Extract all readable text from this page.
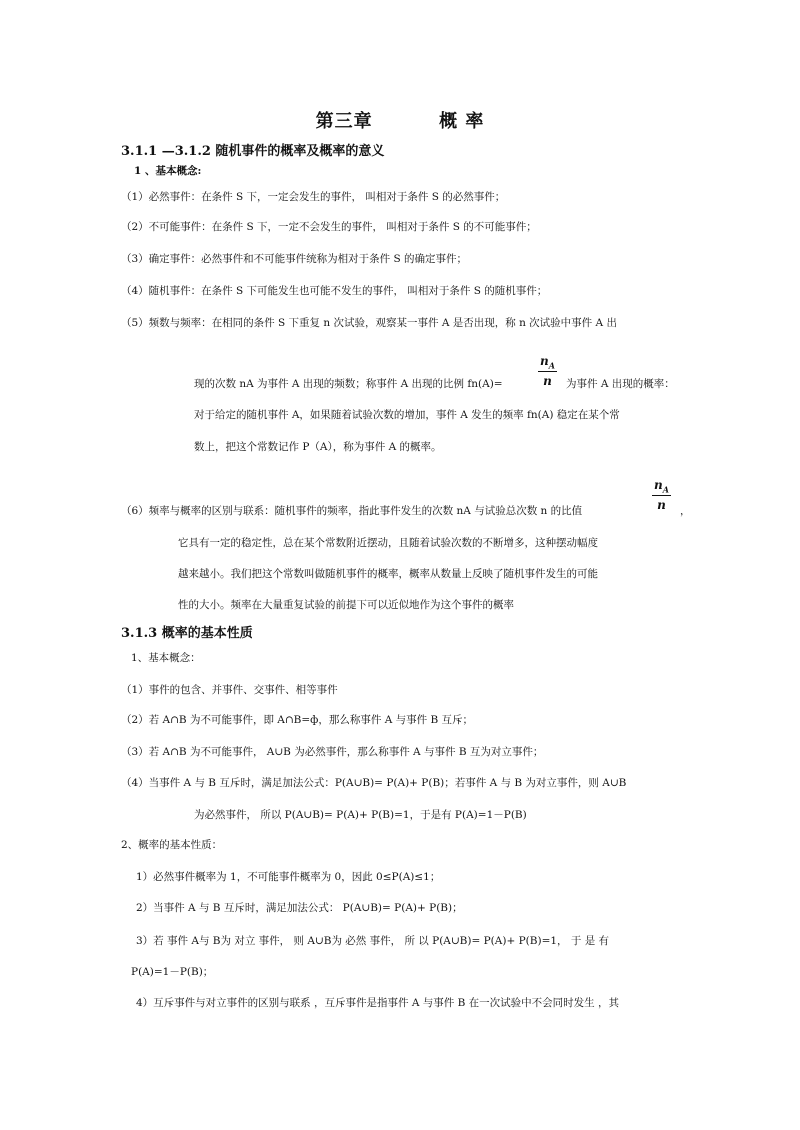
第三章	概 率
3.1.1 —3.1.2 随机事件的概率及概率的意义
1 、基本概念:
（1）必然事件：在条件 S 下，一定会发生的事件， 叫相对于条件 S 的必然事件；
（2）不可能事件：在条件 S 下，一定不会发生的事件， 叫相对于条件 S 的不可能事件；
（3）确定事件：必然事件和不可能事件统称为相对于条件 S 的确定事件；
（4）随机事件：在条件 S 下可能发生也可能不发生的事件， 叫相对于条件 S 的随机事件；
（5）频数与频率：在相同的条件 S 下重复 n 次试验，观察某一事件 A 是否出现，称 n 次试验中事件 A 出
现的次数 nA 为事件 A 出现的频数；称事件 A 出现的比例 fn(A)=	$\frac{n_A}{n}$ 为事件 A 出现的概率：
对于给定的随机事件 A，如果随着试验次数的增加，事件 A 发生的频率 fn(A) 稳定在某个常
数上，把这个常数记作 P（A），称为事件 A 的概率。
（6）频率与概率的区别与联系：随机事件的频率，指此事件发生的次数 nA 与试验总次数 n 的比值	$\frac{n_A}{n}$ ，
它具有一定的稳定性，总在某个常数附近摆动，且随着试验次数的不断增多，这种摆动幅度
越来越小。我们把这个常数叫做随机事件的概率，概率从数量上反映了随机事件发生的可能
性的大小。频率在大量重复试验的前提下可以近似地作为这个事件的概率
3.1.3 概率的基本性质
1、基本概念：
（1）事件的包含、并事件、交事件、相等事件
（2）若 A∩B 为不可能事件，即 A∩B=ф，那么称事件 A 与事件 B 互斥；
（3）若 A∩B 为不可能事件， A∪B 为必然事件，那么称事件 A 与事件 B 互为对立事件；
（4）当事件 A 与 B 互斥时，满足加法公式：P(A∪B)= P(A)+ P(B)；若事件 A 与 B 为对立事件，则 A∪B
为必然事件， 所以 P(A∪B)= P(A)+ P(B)=1，于是有 P(A)=1－P(B)
2、概率的基本性质：
1）必然事件概率为 1，不可能事件概率为 0，因此 0≤P(A)≤1；
2）当事件 A 与 B 互斥时，满足加法公式： P(A∪B)= P(A)+ P(B)；
3）若 事件 A与 B为 对立 事件， 则 A∪B为 必然 事件， 所 以 P(A∪B)= P(A)+ P(B)=1， 于 是 有
P(A)=1－P(B)；
4）互斥事件与对立事件的区别与联系 ，互斥事件是指事件 A 与事件 B 在一次试验中不会同时发生 ，其
